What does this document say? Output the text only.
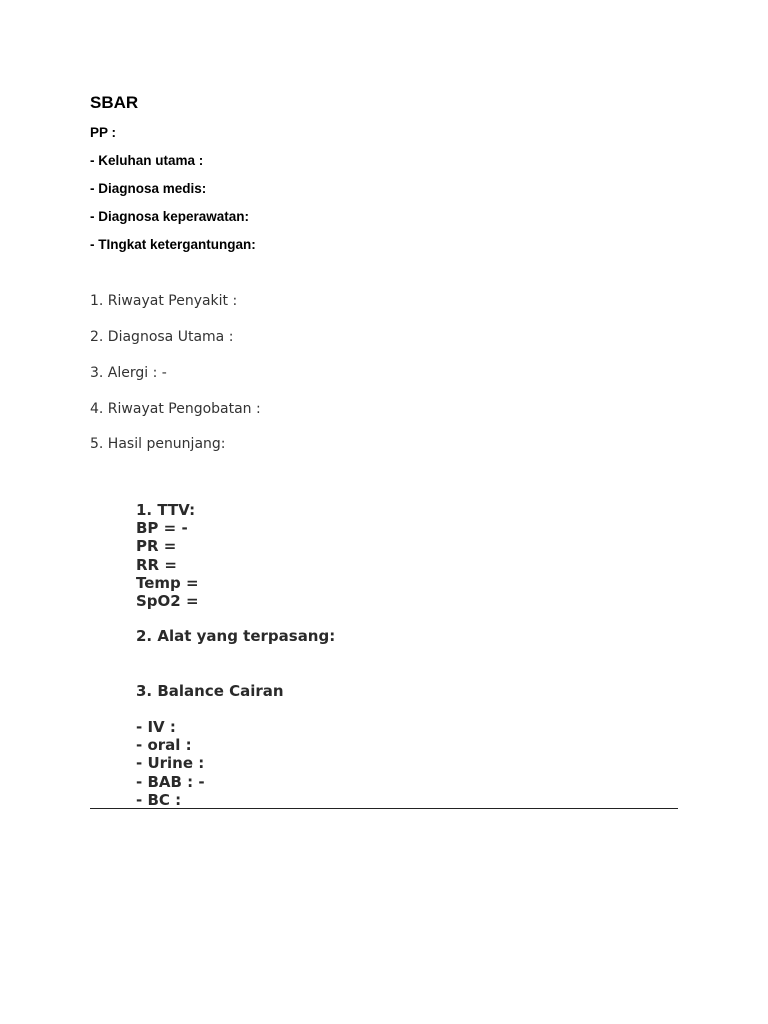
SBAR
PP :
- Keluhan utama :
- Diagnosa medis:
- Diagnosa keperawatan:
- TIngkat ketergantungan:
1. Riwayat Penyakit :
2. Diagnosa Utama :
3. Alergi : -
4. Riwayat Pengobatan :
5. Hasil penunjang:
1. TTV:
BP = -
PR =
RR =
Temp =
SpO2 =
2. Alat yang terpasang:
3. Balance Cairan
- IV :
- oral :
- Urine :
- BAB : -
- BC :
